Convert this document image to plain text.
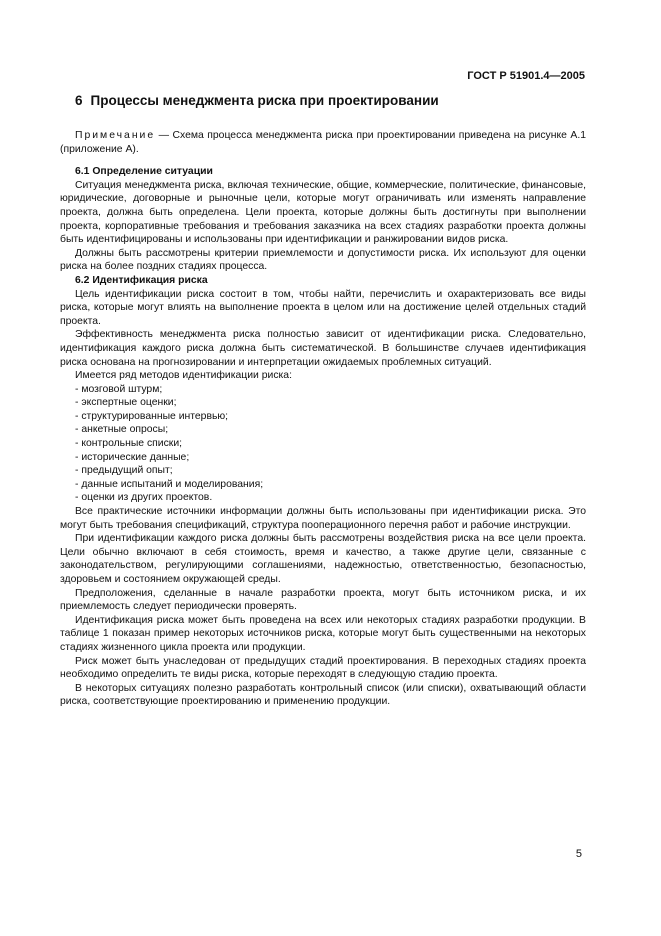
ГОСТ Р 51901.4—2005
6 Процессы менеджмента риска при проектировании

Примечание — Схема процесса менеджмента риска при проектировании приведена на рисунке А.1 (приложение А).

6.1 Определение ситуации

Ситуация менеджмента риска, включая технические, общие, коммерческие, политические, финансовые, юридические, договорные и рыночные цели, которые могут ограничивать или изменять направление проекта, должна быть определена. Цели проекта, которые должны быть достигнуты при выполнении проекта, корпоративные требования и требования заказчика на всех стадиях разработки проекта должны быть идентифицированы и использованы при идентификации и ранжировании видов риска.

Должны быть рассмотрены критерии приемлемости и допустимости риска. Их используют для оценки риска на более поздних стадиях процесса.

6.2 Идентификация риска

Цель идентификации риска состоит в том, чтобы найти, перечислить и охарактеризовать все виды риска, которые могут влиять на выполнение проекта в целом или на достижение целей отдельных стадий проекта.

Эффективность менеджмента риска полностью зависит от идентификации риска. Следовательно, идентификация каждого риска должна быть систематической. В большинстве случаев идентификация риска основана на прогнозировании и интерпретации ожидаемых проблемных ситуаций.

Имеется ряд методов идентификации риска:

- мозговой штурм;
- экспертные оценки;
- структурированные интервью;
- анкетные опросы;
- контрольные списки;
- исторические данные;
- предыдущий опыт;
- данные испытаний и моделирования;
- оценки из других проектов.

Все практические источники информации должны быть использованы при идентификации риска. Это могут быть требования спецификаций, структура пооперационного перечня работ и рабочие инструкции.

При идентификации каждого риска должны быть рассмотрены воздействия риска на все цели проекта. Цели обычно включают в себя стоимость, время и качество, а также другие цели, связанные с законодательством, регулирующими соглашениями, надежностью, ответственностью, безопасностью, здоровьем и состоянием окружающей среды.

Предположения, сделанные в начале разработки проекта, могут быть источником риска, и их приемлемость следует периодически проверять.

Идентификация риска может быть проведена на всех или некоторых стадиях разработки продукции. В таблице 1 показан пример некоторых источников риска, которые могут быть существенными на некоторых стадиях жизненного цикла проекта или продукции.

Риск может быть унаследован от предыдущих стадий проектирования. В переходных стадиях проекта необходимо определить те виды риска, которые переходят в следующую стадию проекта.

В некоторых ситуациях полезно разработать контрольный список (или списки), охватывающий области риска, соответствующие проектированию и применению продукции.

5
